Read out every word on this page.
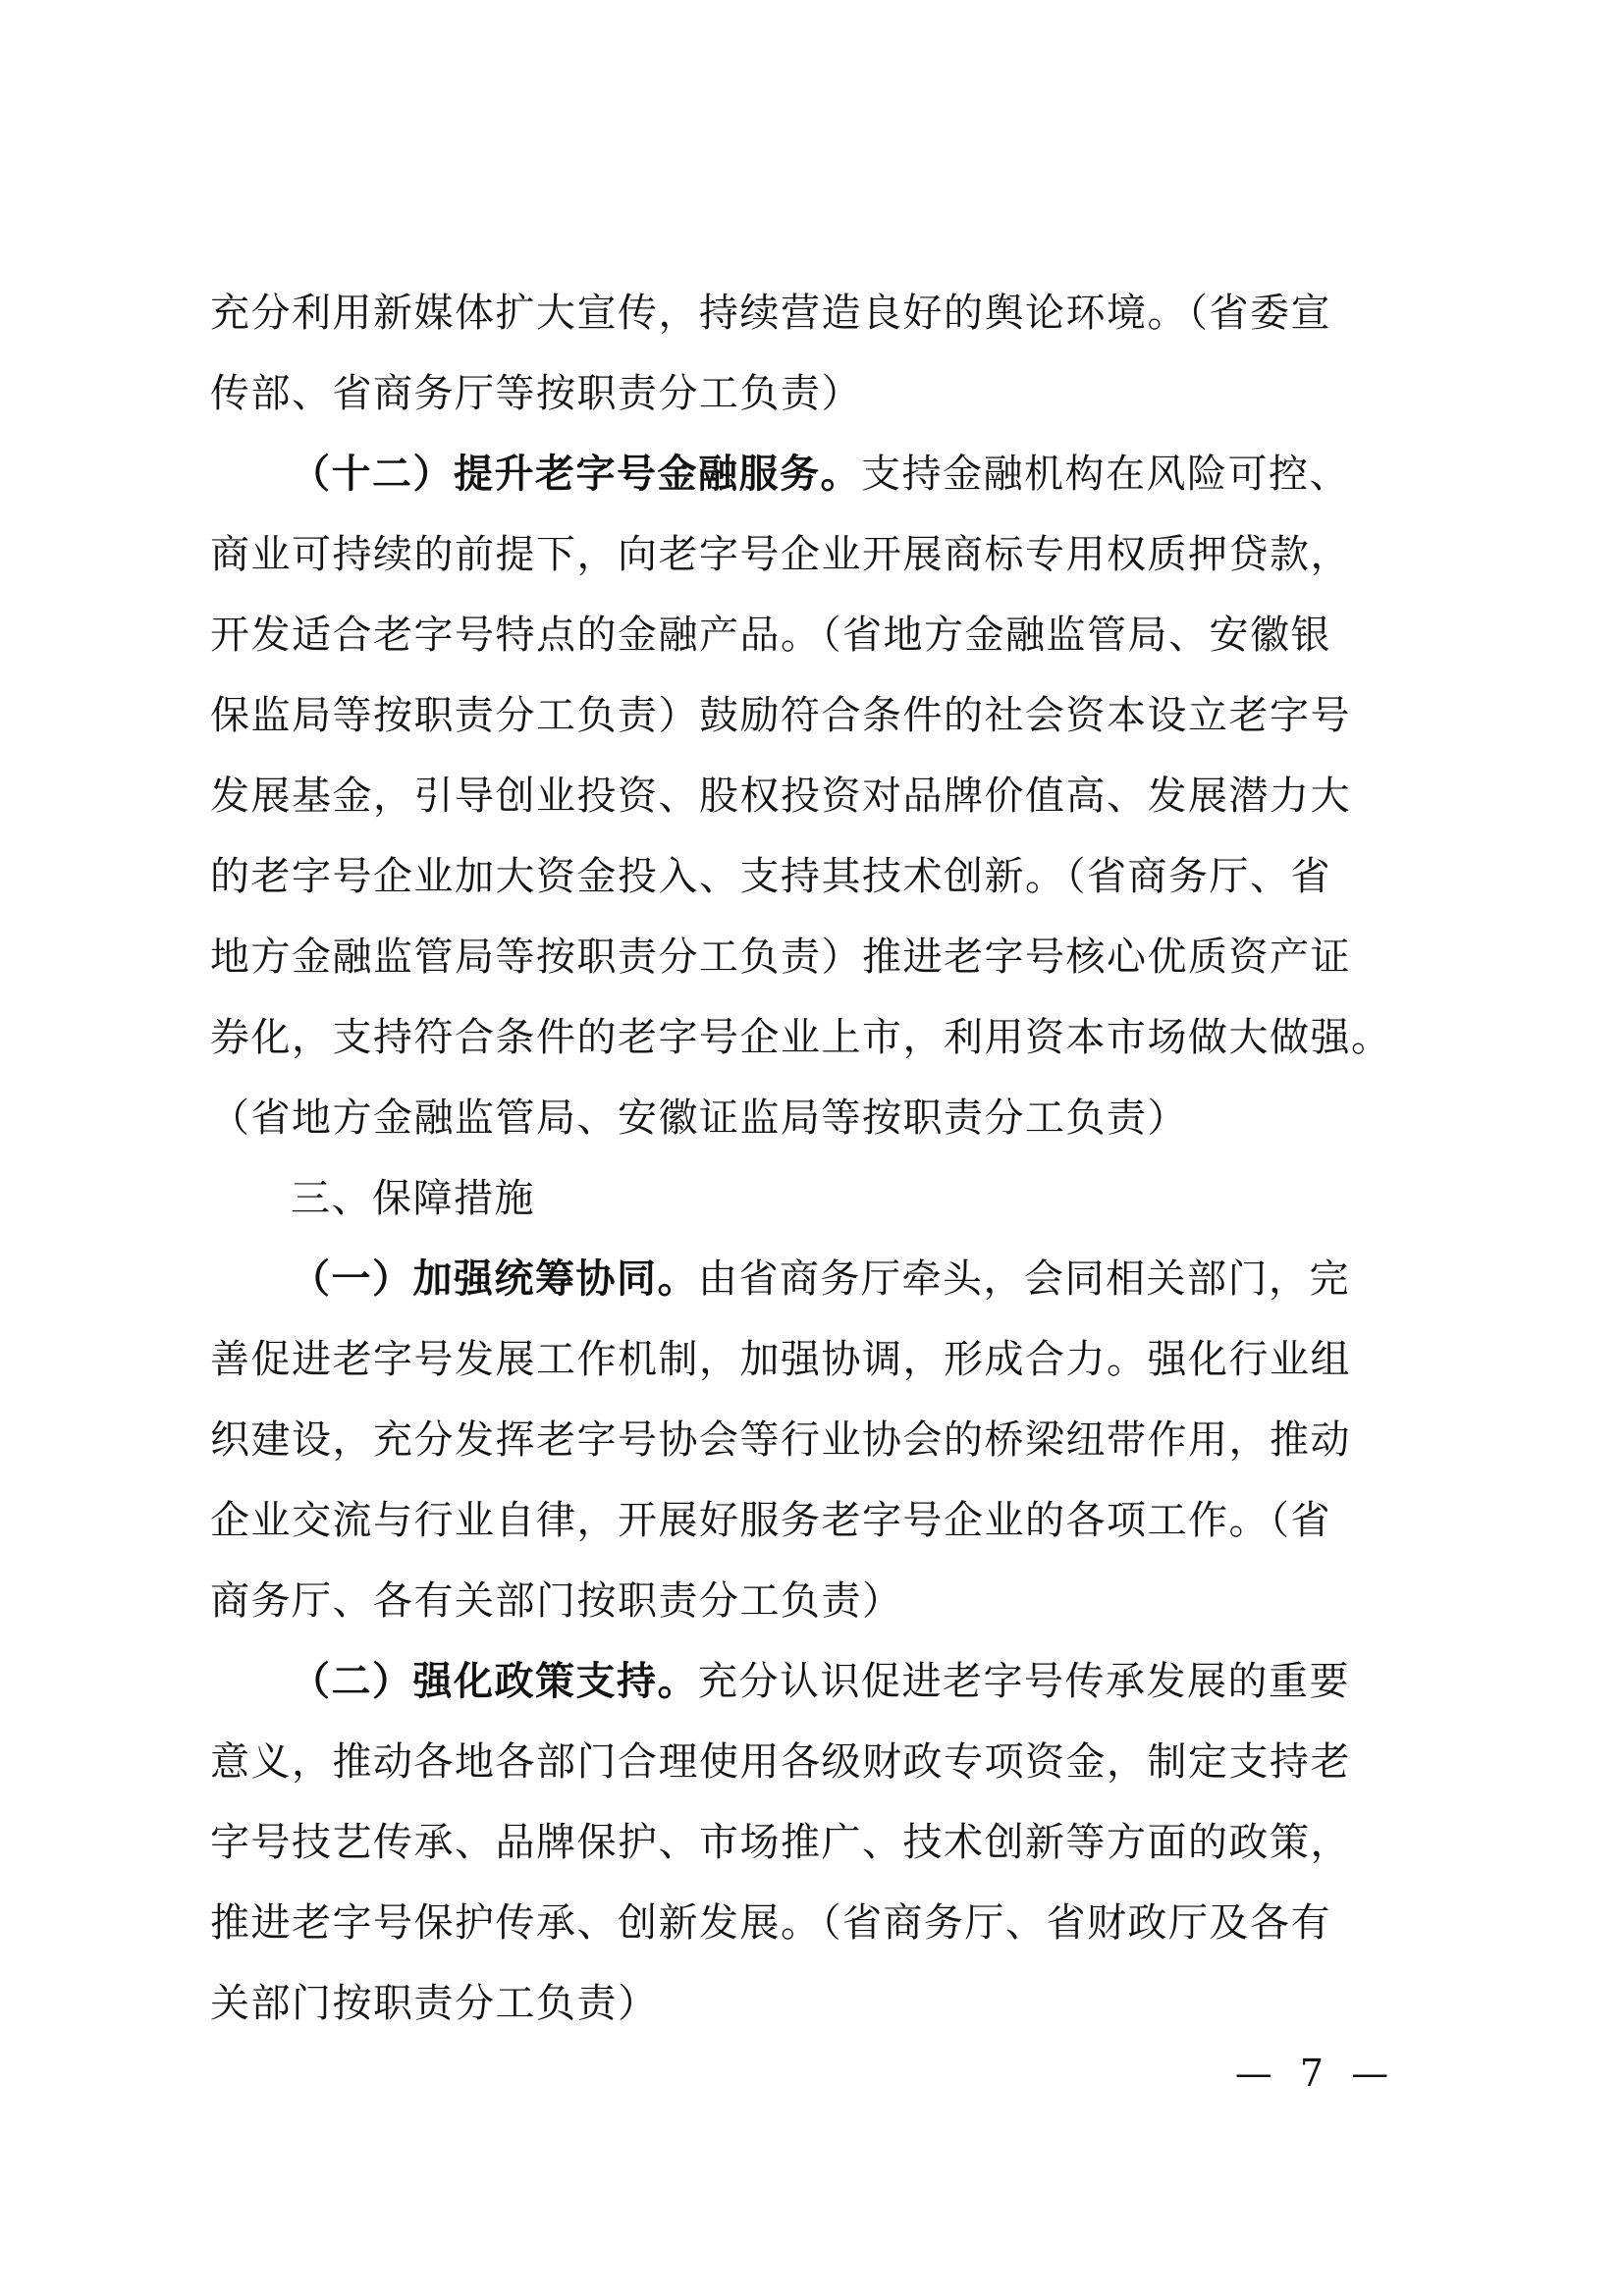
充分利用新媒体扩大宣传，持续营造良好的舆论环境。（省委宣
传部、省商务厅等按职责分工负责）
（十二）提升老字号金融服务。支持金融机构在风险可控、
商业可持续的前提下，向老字号企业开展商标专用权质押贷款，
开发适合老字号特点的金融产品。（省地方金融监管局、安徽银
保监局等按职责分工负责）鼓励符合条件的社会资本设立老字号
发展基金，引导创业投资、股权投资对品牌价值高、发展潜力大
的老字号企业加大资金投入、支持其技术创新。（省商务厅、省
地方金融监管局等按职责分工负责）推进老字号核心优质资产证
券化，支持符合条件的老字号企业上市，利用资本市场做大做强。
（省地方金融监管局、安徽证监局等按职责分工负责）
三、保障措施
（一）加强统筹协同。由省商务厅牵头，会同相关部门，完
善促进老字号发展工作机制，加强协调，形成合力。强化行业组
织建设，充分发挥老字号协会等行业协会的桥梁纽带作用，推动
企业交流与行业自律，开展好服务老字号企业的各项工作。（省
商务厅、各有关部门按职责分工负责）
（二）强化政策支持。充分认识促进老字号传承发展的重要
意义，推动各地各部门合理使用各级财政专项资金，制定支持老
字号技艺传承、品牌保护、市场推广、技术创新等方面的政策，
推进老字号保护传承、创新发展。（省商务厅、省财政厅及各有
关部门按职责分工负责）
— 7 —
